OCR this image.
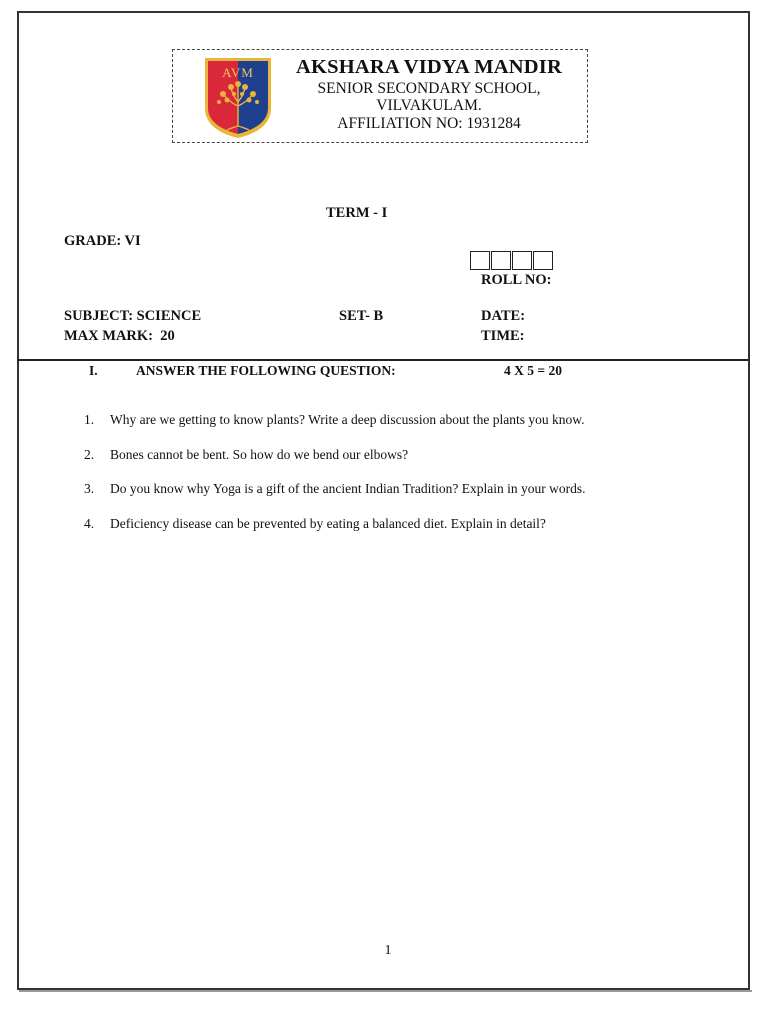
AVM	AKSHARA VIDYA MANDIR
SENIOR SECONDARY SCHOOL,
VILVAKULAM.
AFFILIATION NO: 1931284
TERM - I
GRADE: VI
ROLL NO:
SUBJECT: SCIENCE	SET- B	DATE:
MAX MARK:  20	TIME:
I.	ANSWER THE FOLLOWING QUESTION:	4 X 5 = 20
1.	Why are we getting to know plants? Write a deep discussion about the plants you know.
2.	Bones cannot be bent. So how do we bend our elbows?
3.	Do you know why Yoga is a gift of the ancient Indian Tradition? Explain in your words.
4.	Deficiency disease can be prevented by eating a balanced diet. Explain in detail?
1
